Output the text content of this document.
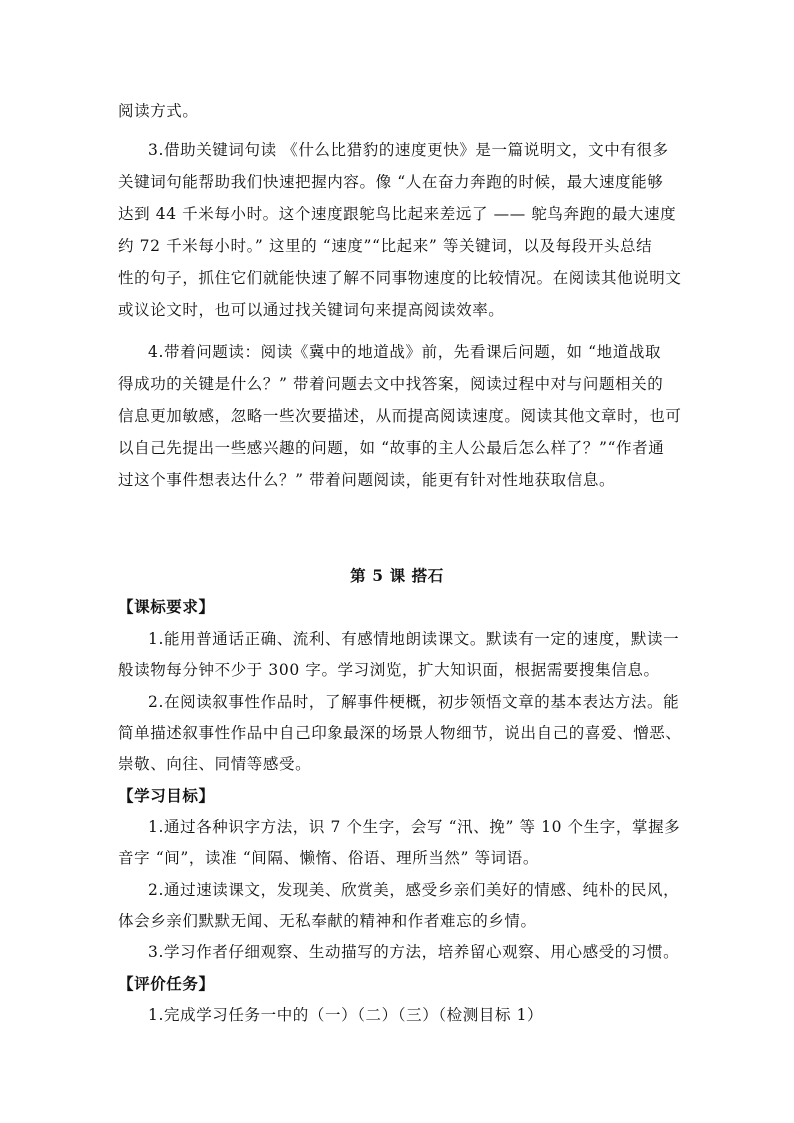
阅读方式。
3.借助关键词句读 《什么比猎豹的速度更快》是一篇说明文，文中有很多
关键词句能帮助我们快速把握内容。像 “人在奋力奔跑的时候，最大速度能够
达到 44 千米每小时。这个速度跟鸵鸟比起来差远了 —— 鸵鸟奔跑的最大速度
约 72 千米每小时。” 这里的 “速度”“比起来” 等关键词，以及每段开头总结
性的句子，抓住它们就能快速了解不同事物速度的比较情况。在阅读其他说明文
或议论文时，也可以通过找关键词句来提高阅读效率。
4.带着问题读：阅读《冀中的地道战》前，先看课后问题，如 “地道战取
得成功的关键是什么？” 带着问题去文中找答案，阅读过程中对与问题相关的
信息更加敏感，忽略一些次要描述，从而提高阅读速度。阅读其他文章时，也可
以自己先提出一些感兴趣的问题，如 “故事的主人公最后怎么样了？”“作者通
过这个事件想表达什么？” 带着问题阅读，能更有针对性地获取信息。
第 5 课 搭石
【课标要求】
1.能用普通话正确、流利、有感情地朗读课文。默读有一定的速度，默读一
般读物每分钟不少于 300 字。学习浏览，扩大知识面，根据需要搜集信息。
2.在阅读叙事性作品时，了解事件梗概，初步领悟文章的基本表达方法。能
简单描述叙事性作品中自己印象最深的场景人物细节，说出自己的喜爱、憎恶、
崇敬、向往、同情等感受。
【学习目标】
1.通过各种识字方法，识 7 个生字，会写 “汛、挽” 等 10 个生字，掌握多
音字 “间”，读准 “间隔、懒惰、俗语、理所当然” 等词语。
2.通过速读课文，发现美、欣赏美，感受乡亲们美好的情感、纯朴的民风，
体会乡亲们默默无闻、无私奉献的精神和作者难忘的乡情。
3.学习作者仔细观察、生动描写的方法，培养留心观察、用心感受的习惯。
【评价任务】
1.完成学习任务一中的（一）（二）（三）（检测目标 1）
